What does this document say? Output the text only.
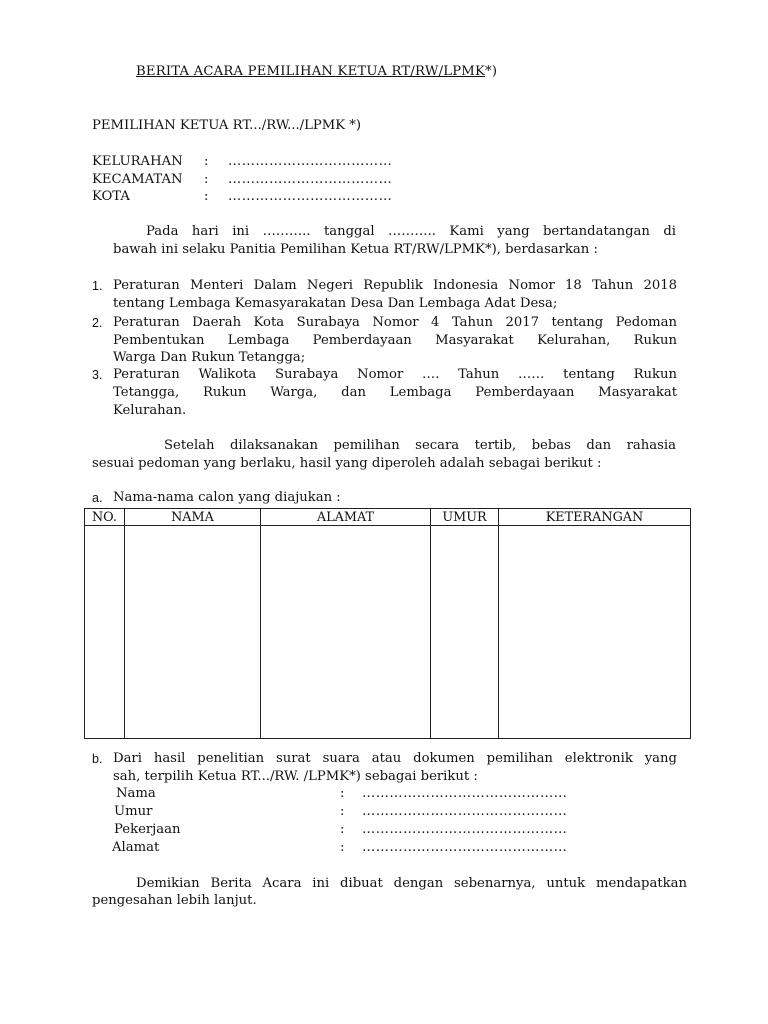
BERITA ACARA PEMILIHAN KETUA RT/RW/LPMK*)
PEMILIHAN KETUA RT.../RW.../LPMK *)
KELURAHAN : ………………………………
KECAMATAN : ………………………………
KOTA	: ………………………………
Pada hari ini ……….. tanggal ……….. Kami yang bertandatangan di
bawah ini selaku Panitia Pemilihan Ketua RT/RW/LPMK*), berdasarkan :
1. Peraturan Menteri Dalam Negeri Republik Indonesia Nomor 18 Tahun 2018
tentang Lembaga Kemasyarakatan Desa Dan Lembaga Adat Desa;
2. Peraturan Daerah Kota Surabaya Nomor 4 Tahun 2017 tentang Pedoman
Pembentukan Lembaga Pemberdayaan Masyarakat Kelurahan, Rukun
Warga Dan Rukun Tetangga;
3. Peraturan Walikota Surabaya Nomor …. Tahun …… tentang Rukun
Tetangga, Rukun Warga, dan Lembaga Pemberdayaan Masyarakat
Kelurahan.
Setelah dilaksanakan pemilihan secara tertib, bebas dan rahasia
sesuai pedoman yang berlaku, hasil yang diperoleh adalah sebagai berikut :
a. Nama-nama calon yang diajukan :
NO.	NAMA	ALAMAT	UMUR	KETERANGAN

b. Dari hasil penelitian surat suara atau dokumen pemilihan elektronik yang
sah, terpilih Ketua RT.../RW. /LPMK*) sebagai berikut :
Nama	: ………………………………………
Umur	: ………………………………………
Pekerjaan	: ………………………………………
Alamat	: ………………………………………
Demikian Berita Acara ini dibuat dengan sebenarnya, untuk mendapatkan
pengesahan lebih lanjut.
